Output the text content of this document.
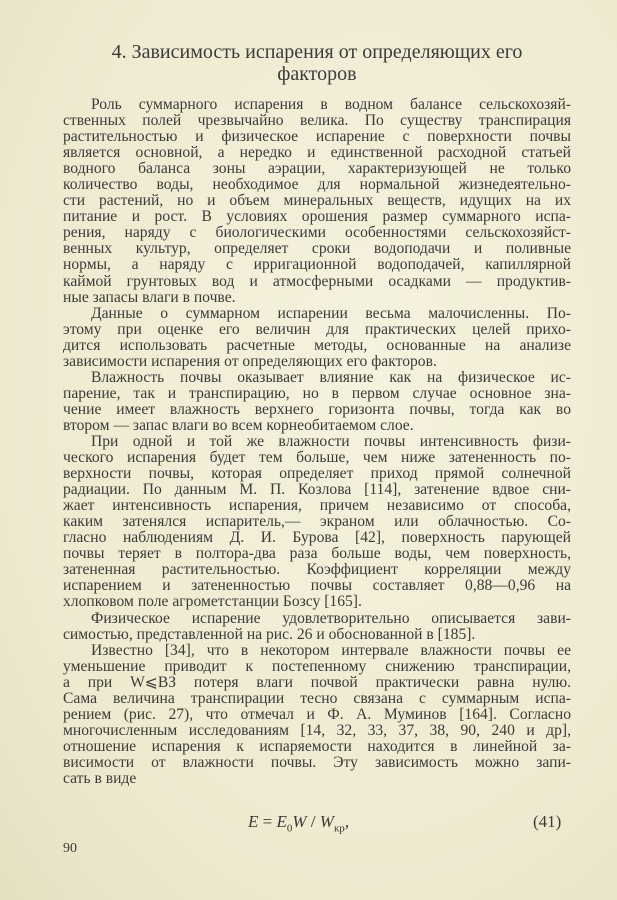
4. Зависимость испарения от определяющих его
факторов
Роль суммарного испарения в водном балансе сельскохозяй-
ственных полей чрезвычайно велика. По существу транспирация
растительностью и физическое испарение с поверхности почвы
является основной, а нередко и единственной расходной статьей
водного баланса зоны аэрации, характеризующей не только
количество воды, необходимое для нормальной жизнедеятельно-
сти растений, но и объем минеральных веществ, идущих на их
питание и рост. В условиях орошения размер суммарного испа-
рения, наряду с биологическими особенностями сельскохозяйст-
венных культур, определяет сроки водоподачи и поливные
нормы, а наряду с ирригационной водоподачей, капиллярной
каймой грунтовых вод и атмосферными осадками — продуктив-
ные запасы влаги в почве.
Данные о суммарном испарении весьма малочисленны. По-
этому при оценке его величин для практических целей прихо-
дится использовать расчетные методы, основанные на анализе
зависимости испарения от определяющих его факторов.
Влажность почвы оказывает влияние как на физическое ис-
парение, так и транспирацию, но в первом случае основное зна-
чение имеет влажность верхнего горизонта почвы, тогда как во
втором — запас влаги во всем корнеобитаемом слое.
При одной и той же влажности почвы интенсивность физи-
ческого испарения будет тем больше, чем ниже затененность по-
верхности почвы, которая определяет приход прямой солнечной
радиации. По данным М. П. Козлова [114], затенение вдвое сни-
жает интенсивность испарения, причем независимо от способа,
каким затенялся испаритель,— экраном или облачностью. Со-
гласно наблюдениям Д. И. Бурова [42], поверхность парующей
почвы теряет в полтора-два раза больше воды, чем поверхность,
затененная растительностью. Коэффициент корреляции между
испарением и затененностью почвы составляет 0,88—0,96 на
хлопковом поле агрометстанции Бозсу [165].
Физическое испарение удовлетворительно описывается зави-
симостью, представленной на рис. 26 и обоснованной в [185].
Известно [34], что в некотором интервале влажности почвы ее
уменьшение приводит к постепенному снижению транспирации,
а при W⩽ВЗ потеря влаги почвой практически равна нулю.
Сама величина транспирации тесно связана с суммарным испа-
рением (рис. 27), что отмечал и Ф. А. Муминов [164]. Согласно
многочисленным исследованиям [14, 32, 33, 37, 38, 90, 240 и др],
отношение испарения к испаряемости находится в линейной за-
висимости от влажности почвы. Эту зависимость можно запи-
сать в виде
$E = E_0W / W_{кр}$,	(41)
90
